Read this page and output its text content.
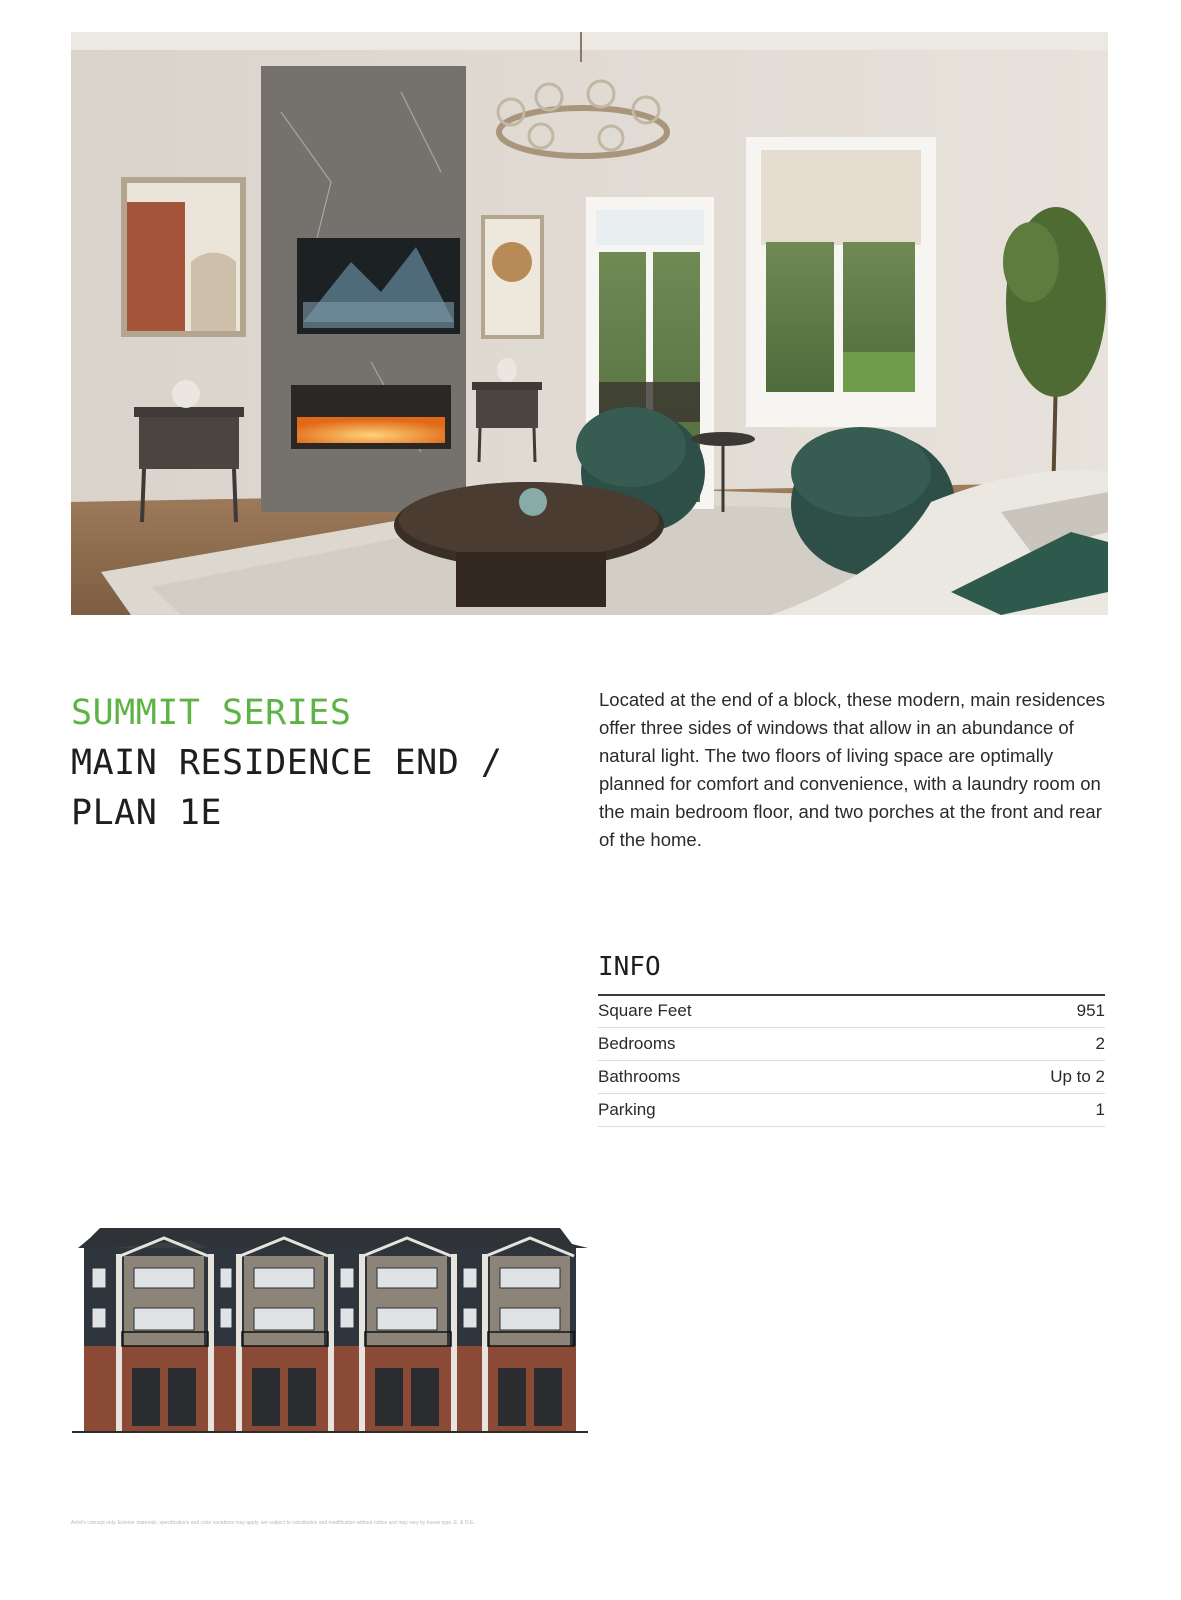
SUMMIT SERIES
MAIN RESIDENCE END / PLAN 1E

Located at the end of a block, these modern, main residences offer three sides of windows that allow in an abundance of natural light. The two floors of living space are optimally planned for comfort and convenience, with a laundry room on the main bedroom floor, and two porches at the front and rear of the home.

INFO
Square Feet	951
Bedrooms	2
Bathrooms	Up to 2
Parking	1

Artist's concept only. Exterior materials, specifications and color variations may apply, are subject to substitution and modification without notice and may vary by house type. E. & O.E.
